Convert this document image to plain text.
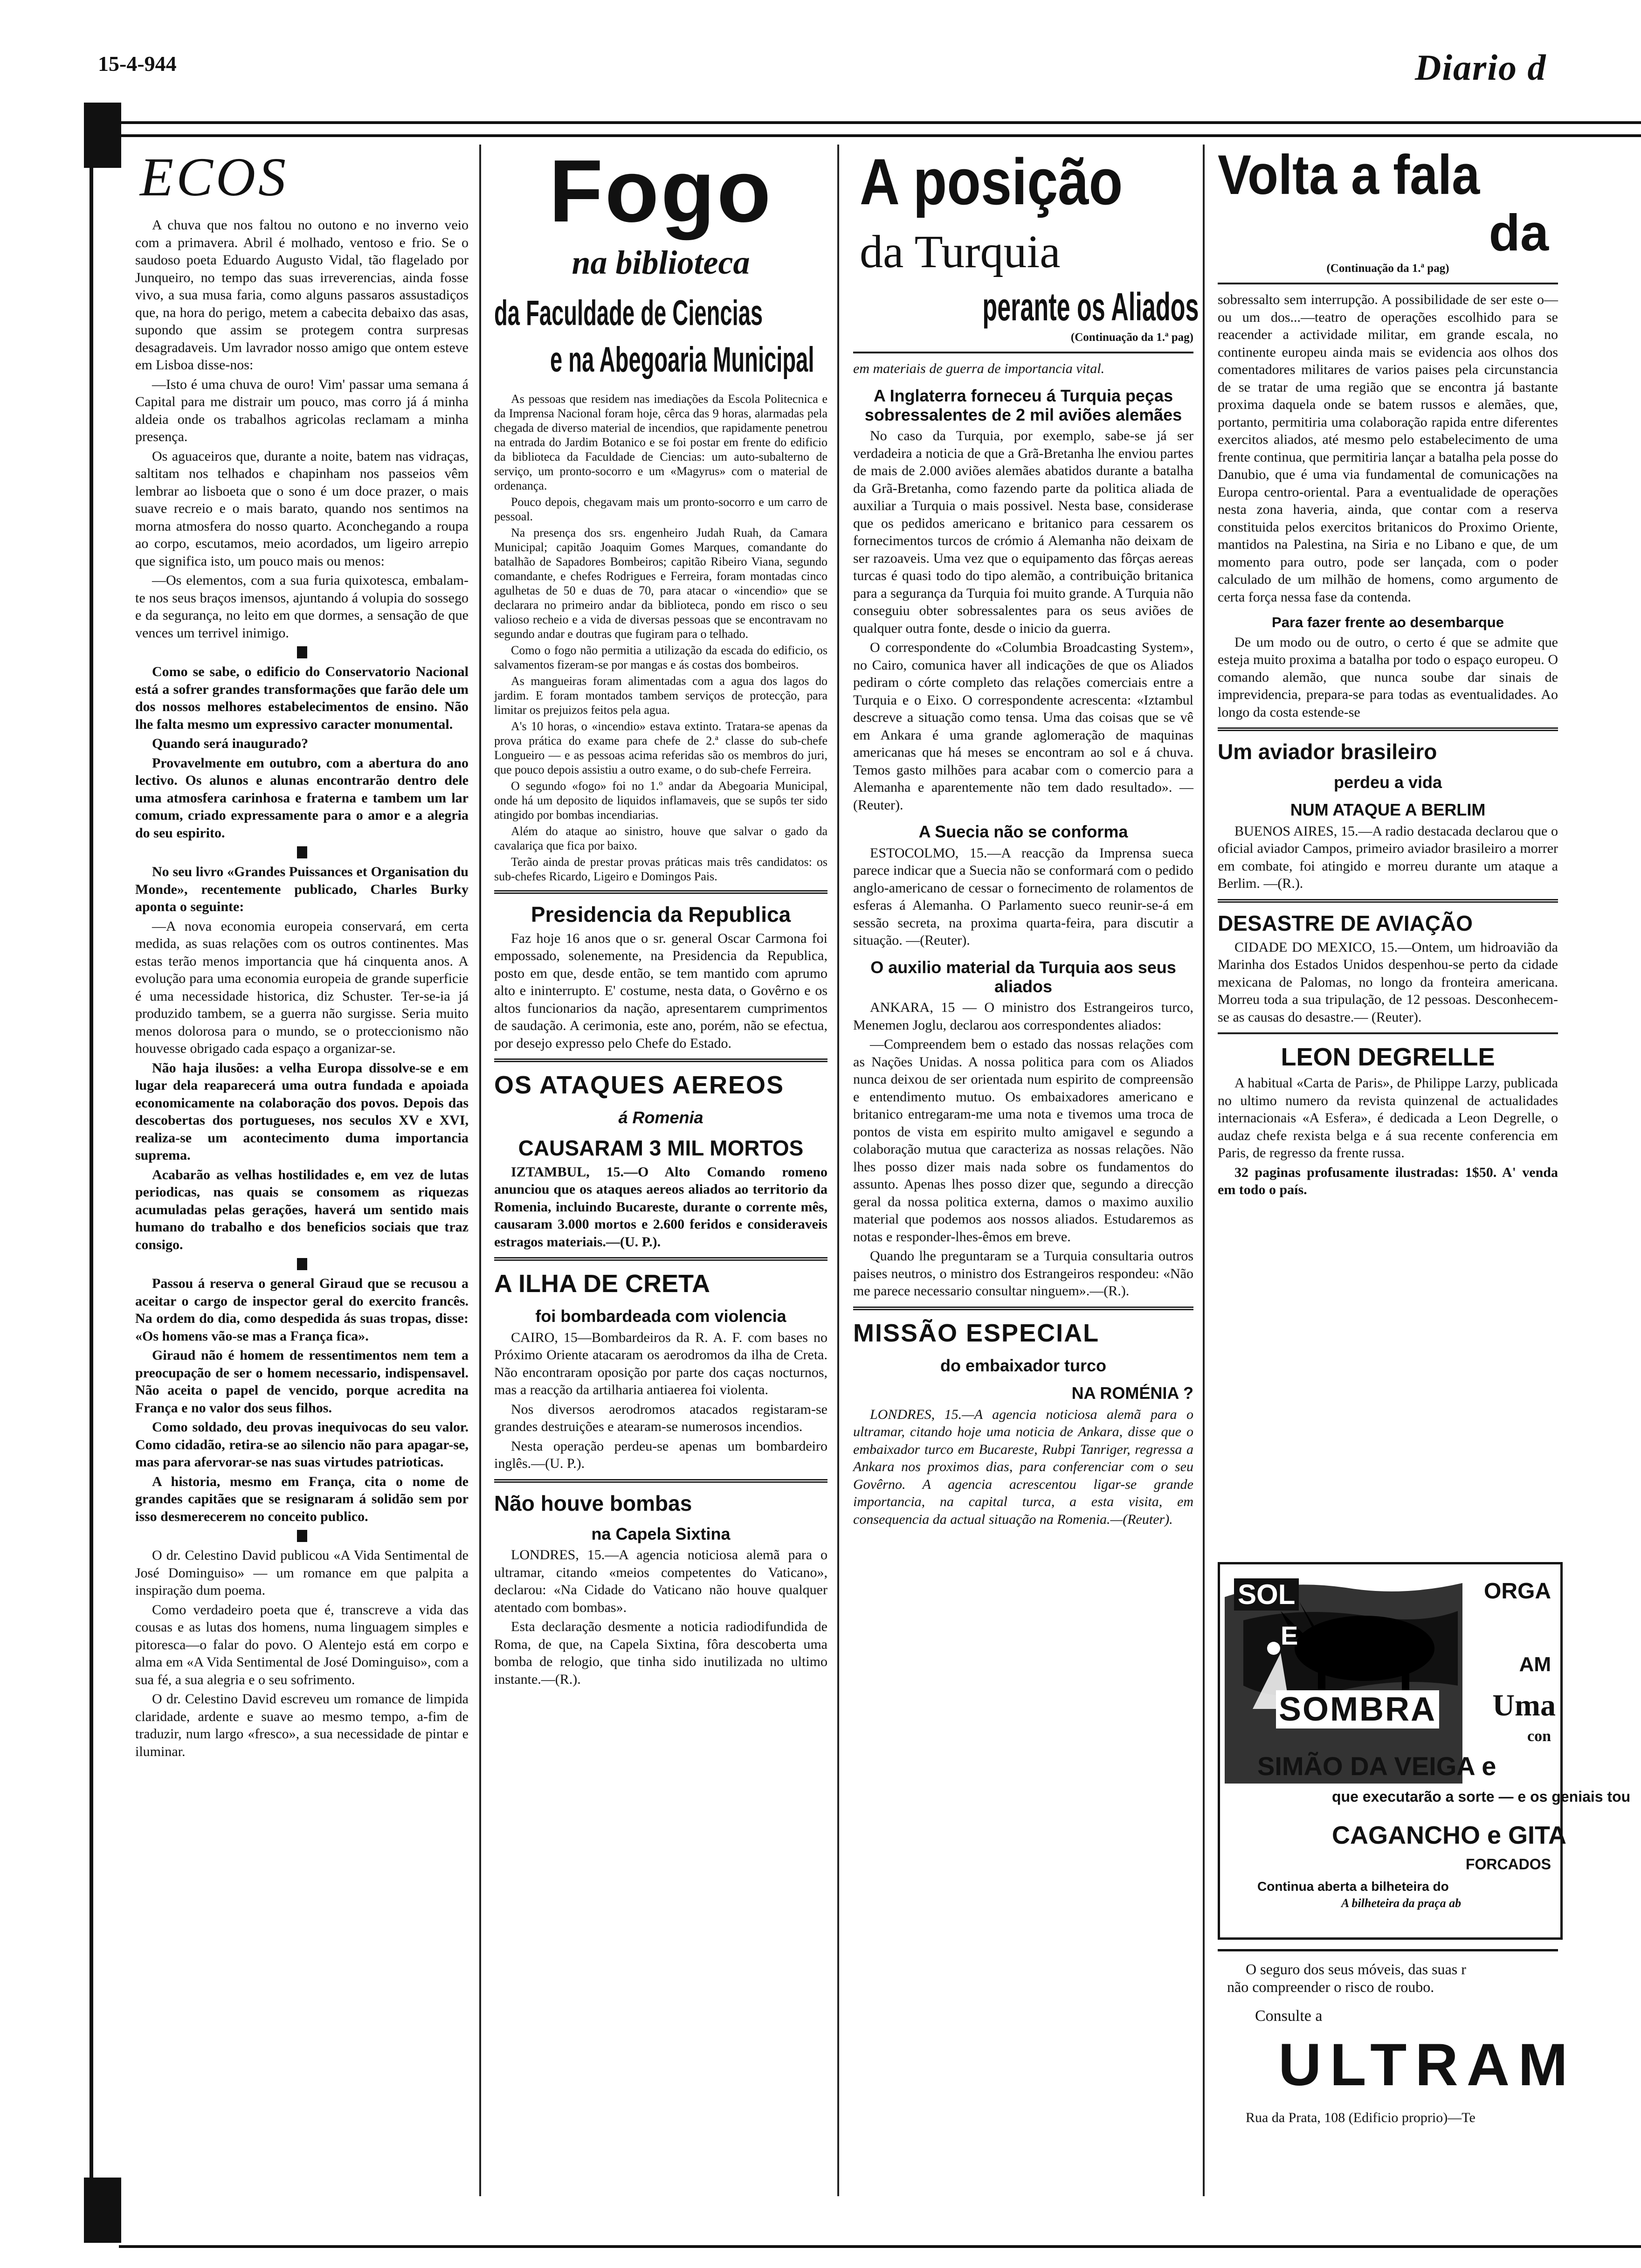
15-4-944	Diario d
ECOS

A chuva que nos faltou no outono e no inverno veio com a primavera. Abril é molhado, ventoso e frio. Se o saudoso poeta Eduardo Augusto Vidal, tão flagelado por Junqueiro, no tempo das suas irreverencias, ainda fosse vivo, a sua musa faria, como alguns passaros assustadiços que, na hora do perigo, metem a cabecita debaixo das asas, supondo que assim se protegem contra surpresas desagradaveis. Um lavrador nosso amigo que ontem esteve em Lisboa disse-nos:

—Isto é uma chuva de ouro! Vim' passar uma semana á Capital para me distrair um pouco, mas corro já á minha aldeia onde os trabalhos agricolas reclamam a minha presença.

Os aguaceiros que, durante a noite, batem nas vidraças, saltitam nos telhados e chapinham nos passeios vêm lembrar ao lisboeta que o sono é um doce prazer, o mais suave recreio e o mais barato, quando nos sentimos na morna atmosfera do nosso quarto. Aconchegando a roupa ao corpo, escutamos, meio acordados, um ligeiro arrepio que significa isto, um pouco mais ou menos:

—Os elementos, com a sua furia quixotesca, embalam-te nos seus braços imensos, ajuntando á volupia do sossego e da segurança, no leito em que dormes, a sensação de que vences um terrivel inimigo.

Como se sabe, o edificio do Conservatorio Nacional está a sofrer grandes transformações que farão dele um dos nossos melhores estabelecimentos de ensino. Não lhe falta mesmo um expressivo caracter monumental.

Quando será inaugurado?

Provavelmente em outubro, com a abertura do ano lectivo. Os alunos e alunas encontrarão dentro dele uma atmosfera carinhosa e fraterna e tambem um lar comum, criado expressamente para o amor e a alegria do seu espirito.

No seu livro «Grandes Puissances et Organisation du Monde», recentemente publicado, Charles Burky aponta o seguinte:

—A nova economia europeia conservará, em certa medida, as suas relações com os outros continentes. Mas estas terão menos importancia que há cinquenta anos. A evolução para uma economia europeia de grande superficie é uma necessidade historica, diz Schuster. Ter-se-ia já produzido tambem, se a guerra não surgisse. Seria muito menos dolorosa para o mundo, se o proteccionismo não houvesse obrigado cada espaço a organizar-se.

Não haja ilusões: a velha Europa dissolve-se e em lugar dela reaparecerá uma outra fundada e apoiada economicamente na colaboração dos povos. Depois das descobertas dos portugueses, nos seculos XV e XVI, realiza-se um acontecimento duma importancia suprema.

Acabarão as velhas hostilidades e, em vez de lutas periodicas, nas quais se consomem as riquezas acumuladas pelas gerações, haverá um sentido mais humano do trabalho e dos beneficios sociais que traz consigo.

Passou á reserva o general Giraud que se recusou a aceitar o cargo de inspector geral do exercito francês. Na ordem do dia, como despedida ás suas tropas, disse: «Os homens vão-se mas a França fica».

Giraud não é homem de ressentimentos nem tem a preocupação de ser o homem necessario, indispensavel. Não aceita o papel de vencido, porque acredita na França e no valor dos seus filhos.

Como soldado, deu provas inequivocas do seu valor. Como cidadão, retira-se ao silencio não para apagar-se, mas para afervorar-se nas suas virtudes patrioticas.

A historia, mesmo em França, cita o nome de grandes capitães que se resignaram á solidão sem por isso desmerecerem no conceito publico.

O dr. Celestino David publicou «A Vida Sentimental de José Dominguiso» — um romance em que palpita a inspiração dum poema.

Como verdadeiro poeta que é, transcreve a vida das cousas e as lutas dos homens, numa linguagem simples e pitoresca—o falar do povo. O Alentejo está em corpo e alma em «A Vida Sentimental de José Dominguiso», com a sua fé, a sua alegria e o seu sofrimento.

O dr. Celestino David escreveu um romance de limpida claridade, ardente e suave ao mesmo tempo, a-fim de traduzir, num largo «fresco», a sua necessidade de pintar e iluminar.

Fogo
na biblioteca
da Faculdade de Ciencias
e na Abegoaria Municipal

As pessoas que residem nas imediações da Escola Politecnica e da Imprensa Nacional foram hoje, cêrca das 9 horas, alarmadas pela chegada de diverso material de incendios, que rapidamente penetrou na entrada do Jardim Botanico e se foi postar em frente do edificio da biblioteca da Faculdade de Ciencias: um auto-subalterno de serviço, um pronto-socorro e um «Magyrus» com o material de ordenança.

Pouco depois, chegavam mais um pronto-socorro e um carro de pessoal.

Na presença dos srs. engenheiro Judah Ruah, da Camara Municipal; capitão Joaquim Gomes Marques, comandante do batalhão de Sapadores Bombeiros; capitão Ribeiro Viana, segundo comandante, e chefes Rodrigues e Ferreira, foram montadas cinco agulhetas de 50 e duas de 70, para atacar o «incendio» que se declarara no primeiro andar da biblioteca, pondo em risco o seu valioso recheio e a vida de diversas pessoas que se encontravam no segundo andar e doutras que fugiram para o telhado.

Como o fogo não permitia a utilização da escada do edificio, os salvamentos fizeram-se por mangas e ás costas dos bombeiros.

As mangueiras foram alimentadas com a agua dos lagos do jardim. E foram montados tambem serviços de protecção, para limitar os prejuizos feitos pela agua.

A's 10 horas, o «incendio» estava extinto. Tratara-se apenas da prova prática do exame para chefe de 2.ª classe do sub-chefe Longueiro — e as pessoas acima referidas são os membros do juri, que pouco depois assistiu a outro exame, o do sub-chefe Ferreira.

O segundo «fogo» foi no 1.º andar da Abegoaria Municipal, onde há um deposito de liquidos inflamaveis, que se supôs ter sido atingido por bombas incendiarias.

Além do ataque ao sinistro, houve que salvar o gado da cavalariça que fica por baixo.

Terão ainda de prestar provas práticas mais três candidatos: os sub-chefes Ricardo, Ligeiro e Domingos Pais.

Presidencia da Republica

Faz hoje 16 anos que o sr. general Oscar Carmona foi empossado, solenemente, na Presidencia da Republica, posto em que, desde então, se tem mantido com aprumo alto e ininterrupto. E' costume, nesta data, o Govêrno e os altos funcionarios da nação, apresentarem cumprimentos de saudação. A cerimonia, este ano, porém, não se efectua, por desejo expresso pelo Chefe do Estado.

OS ATAQUES AEREOS
á Romenia
CAUSARAM 3 MIL MORTOS

IZTAMBUL, 15.—O Alto Comando romeno anunciou que os ataques aereos aliados ao territorio da Romenia, incluindo Bucareste, durante o corrente mês, causaram 3.000 mortos e 2.600 feridos e consideraveis estragos materiais.—(U. P.).

A ILHA DE CRETA
foi bombardeada com violencia

CAIRO, 15—Bombardeiros da R. A. F. com bases no Próximo Oriente atacaram os aerodromos da ilha de Creta. Não encontraram oposição por parte dos caças nocturnos, mas a reacção da artilharia antiaerea foi violenta.

Nos diversos aerodromos atacados registaram-se grandes destruições e atearam-se numerosos incendios.

Nesta operação perdeu-se apenas um bombardeiro inglês.—(U. P.).

Não houve bombas
na Capela Sixtina

LONDRES, 15.—A agencia noticiosa alemã para o ultramar, citando «meios competentes do Vaticano», declarou: «Na Cidade do Vaticano não houve qualquer atentado com bombas».

Esta declaração desmente a noticia radiodifundida de Roma, de que, na Capela Sixtina, fôra descoberta uma bomba de relogio, que tinha sido inutilizada no ultimo instante.—(R.).

A posição
da Turquia
perante os Aliados
(Continuação da 1.ª pag)

em materiais de guerra de importancia vital.

A Inglaterra forneceu á Turquia peças sobressalentes de 2 mil aviões alemães

No caso da Turquia, por exemplo, sabe-se já ser verdadeira a noticia de que a Grã-Bretanha lhe enviou partes de mais de 2.000 aviões alemães abatidos durante a batalha da Grã-Bretanha, como fazendo parte da politica aliada de auxiliar a Turquia o mais possivel. Nesta base, considerase que os pedidos americano e britanico para cessarem os fornecimentos turcos de crómio á Alemanha não deixam de ser razoaveis. Uma vez que o equipamento das fôrças aereas turcas é quasi todo do tipo alemão, a contribuição britanica para a segurança da Turquia foi muito grande. A Turquia não conseguiu obter sobressalentes para os seus aviões de qualquer outra fonte, desde o inicio da guerra.

O correspondente do «Columbia Broadcasting System», no Cairo, comunica haver all indicações de que os Aliados pediram o córte completo das relações comerciais entre a Turquia e o Eixo. O correspondente acrescenta: «Iztambul descreve a situação como tensa. Uma das coisas que se vê em Ankara é uma grande aglomeração de maquinas americanas que há meses se encontram ao sol e á chuva. Temos gasto milhões para acabar com o comercio para a Alemanha e aparentemente não tem dado resultado». —(Reuter).

A Suecia não se conforma

ESTOCOLMO, 15.—A reacção da Imprensa sueca parece indicar que a Suecia não se conformará com o pedido anglo-americano de cessar o fornecimento de rolamentos de esferas á Alemanha. O Parlamento sueco reunir-se-á em sessão secreta, na proxima quarta-feira, para discutir a situação. —(Reuter).

O auxilio material da Turquia aos seus aliados

ANKARA, 15 — O ministro dos Estrangeiros turco, Menemen Joglu, declarou aos correspondentes aliados:

—Compreendem bem o estado das nossas relações com as Nações Unidas. A nossa politica para com os Aliados nunca deixou de ser orientada num espirito de compreensão e entendimento mutuo. Os embaixadores americano e britanico entregaram-me uma nota e tivemos uma troca de pontos de vista em espirito multo amigavel e segundo a colaboração mutua que caracteriza as nossas relações. Não lhes posso dizer mais nada sobre os fundamentos do assunto. Apenas lhes posso dizer que, segundo a direcção geral da nossa politica externa, damos o maximo auxilio material que podemos aos nossos aliados. Estudaremos as notas e responder-lhes-êmos em breve.

Quando lhe preguntaram se a Turquia consultaria outros paises neutros, o ministro dos Estrangeiros respondeu: «Não me parece necessario consultar ninguem».—(R.).

MISSÃO ESPECIAL
do embaixador turco
NA ROMÉNIA ?

LONDRES, 15.—A agencia noticiosa alemã para o ultramar, citando hoje uma noticia de Ankara, disse que o embaixador turco em Bucareste, Rubpi Tanriger, regressa a Ankara nos proximos dias, para conferenciar com o seu Govêrno. A agencia acrescentou ligar-se grande importancia, na capital turca, a esta visita, em consequencia da actual situação na Romenia.—(Reuter).

Volta a fala
da
(Continuação da 1.ª pag)

sobressalto sem interrupção. A possibilidade de ser este o—ou um dos...—teatro de operações escolhido para se reacender a actividade militar, em grande escala, no continente europeu ainda mais se evidencia aos olhos dos comentadores militares de varios paises pela circunstancia de se tratar de uma região que se encontra já bastante proxima daquela onde se batem russos e alemães, que, portanto, permitiria uma colaboração rapida entre diferentes exercitos aliados, até mesmo pelo estabelecimento de uma frente continua, que permitiria lançar a batalha pela posse do Danubio, que é uma via fundamental de comunicações na Europa centro-oriental. Para a eventualidade de operações nesta zona haveria, ainda, que contar com a reserva constituida pelos exercitos britanicos do Proximo Oriente, mantidos na Palestina, na Siria e no Libano e que, de um momento para outro, pode ser lançada, com o poder calculado de um milhão de homens, como argumento de certa força nessa fase da contenda.

Para fazer frente ao desembarque

De um modo ou de outro, o certo é que se admite que esteja muito proxima a batalha por todo o espaço europeu. O comando alemão, que nunca soube dar sinais de imprevidencia, prepara-se para todas as eventualidades. Ao longo da costa estende-se

Um aviador brasileiro
perdeu a vida
NUM ATAQUE A BERLIM

BUENOS AIRES, 15.—A radio destacada declarou que o oficial aviador Campos, primeiro aviador brasileiro a morrer em combate, foi atingido e morreu durante um ataque a Berlim. —(R.).

DESASTRE DE AVIAÇÃO

CIDADE DO MEXICO, 15.—Ontem, um hidroavião da Marinha dos Estados Unidos despenhou-se perto da cidade mexicana de Palomas, no longo da fronteira americana. Morreu toda a sua tripulação, de 12 pessoas. Desconhecem-se as causas do desastre.— (Reuter).

LEON DEGRELLE

A habitual «Carta de Paris», de Philippe Larzy, publicada no ultimo numero da revista quinzenal de actualidades internacionais «A Esfera», é dedicada a Leon Degrelle, o audaz chefe rexista belga e á sua recente conferencia em Paris, de regresso da frente russa.

32 paginas profusamente ilustradas: 1$50. A' venda em todo o país.

SOL
E
ORGA
AM
SOMBRA Uma
con
SIMÃO DA VEIGA e
que executarão a sorte — e os geniais tou
CAGANCHO e GITA
FORCADOS
Continua aberta a bilheteira do
A bilheteira da praça ab
O seguro dos seus móveis, das suas r
não compreender o risco de roubo.
Consulte a
ULTRAM
Rua da Prata, 108 (Edificio proprio)—Te
